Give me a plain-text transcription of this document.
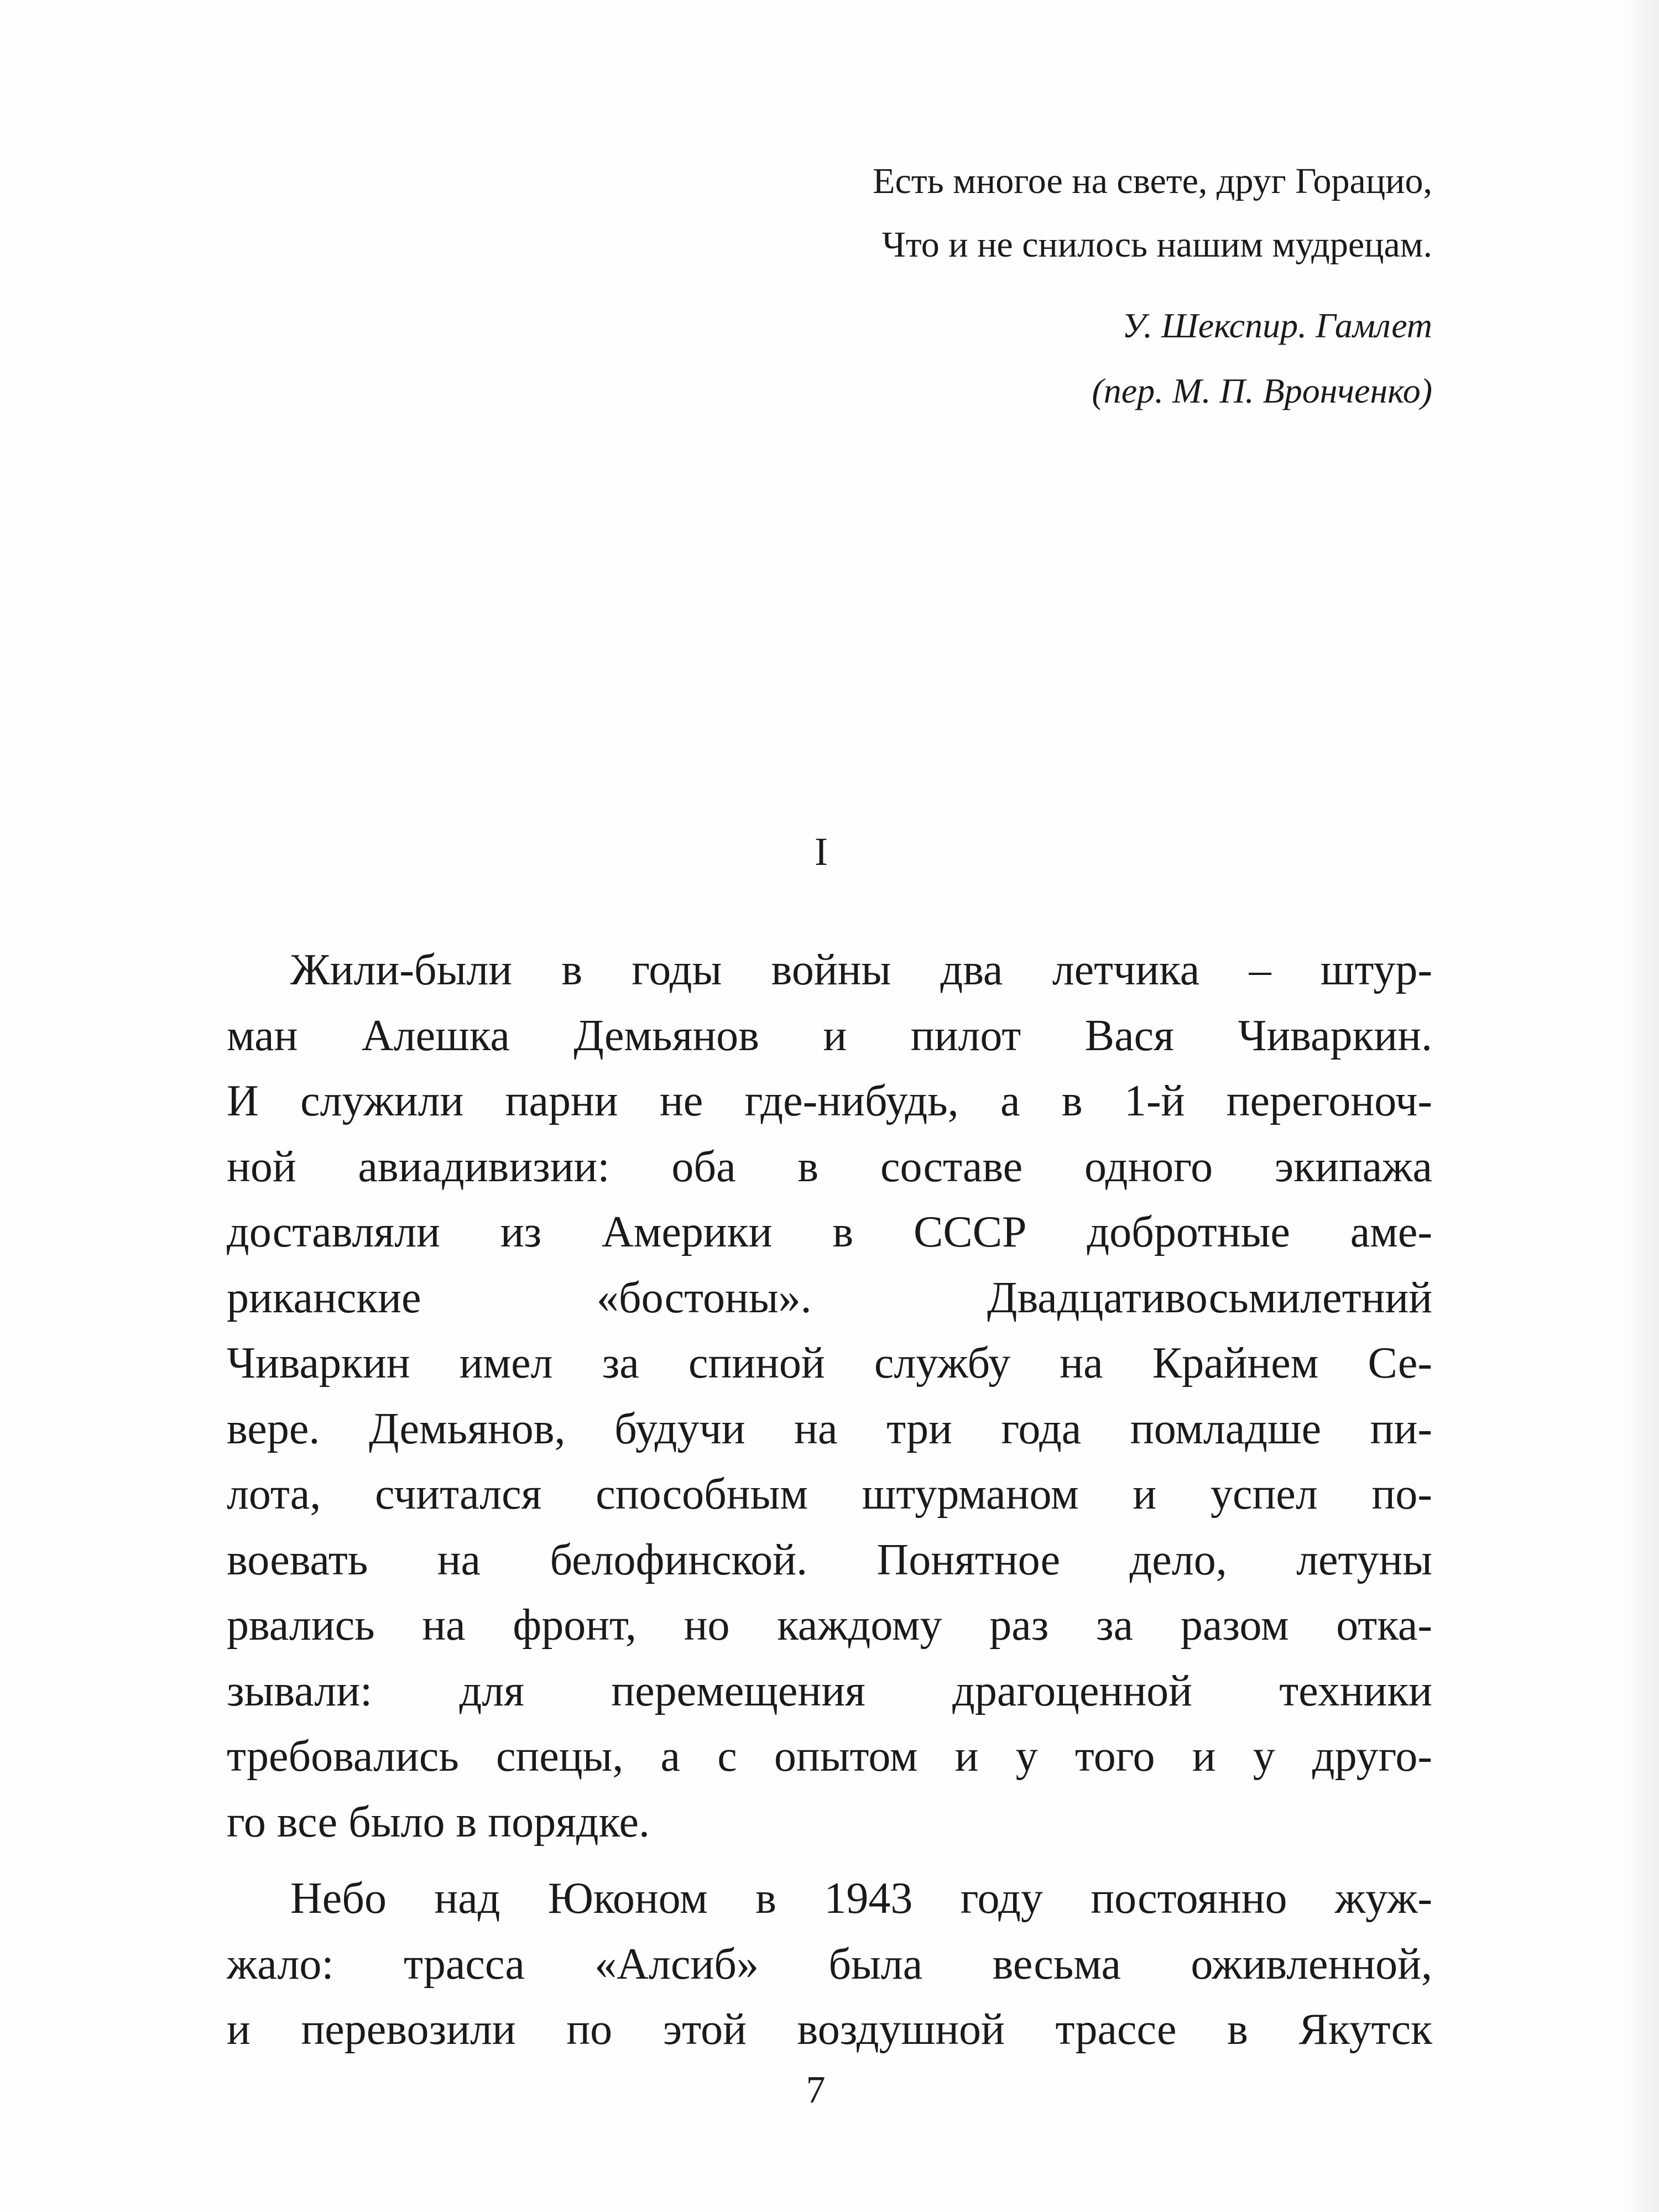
Есть многое на свете, друг Горацио,
Что и не снилось нашим мудрецам.
У. Шекспир. Гамлет
(пер. М. П. Вронченко)
I
Жили-были в годы войны два летчика – штур-
ман Алешка Демьянов и пилот Вася Чиваркин.
И служили парни не где-нибудь, а в 1-й перегоноч-
ной авиадивизии: оба в составе одного экипажа
доставляли из Америки в СССР добротные аме-
риканские «бостоны». Двадцативосьмилетний
Чиваркин имел за спиной службу на Крайнем Се-
вере. Демьянов, будучи на три года помладше пи-
лота, считался способным штурманом и успел по-
воевать на белофинской. Понятное дело, летуны
рвались на фронт, но каждому раз за разом отка-
зывали: для перемещения драгоценной техники
требовались спецы, а с опытом и у того и у друго-
го все было в порядке.
Небо над Юконом в 1943 году постоянно жуж-
жало: трасса «Алсиб» была весьма оживленной,
и перевозили по этой воздушной трассе в Якутск
7
